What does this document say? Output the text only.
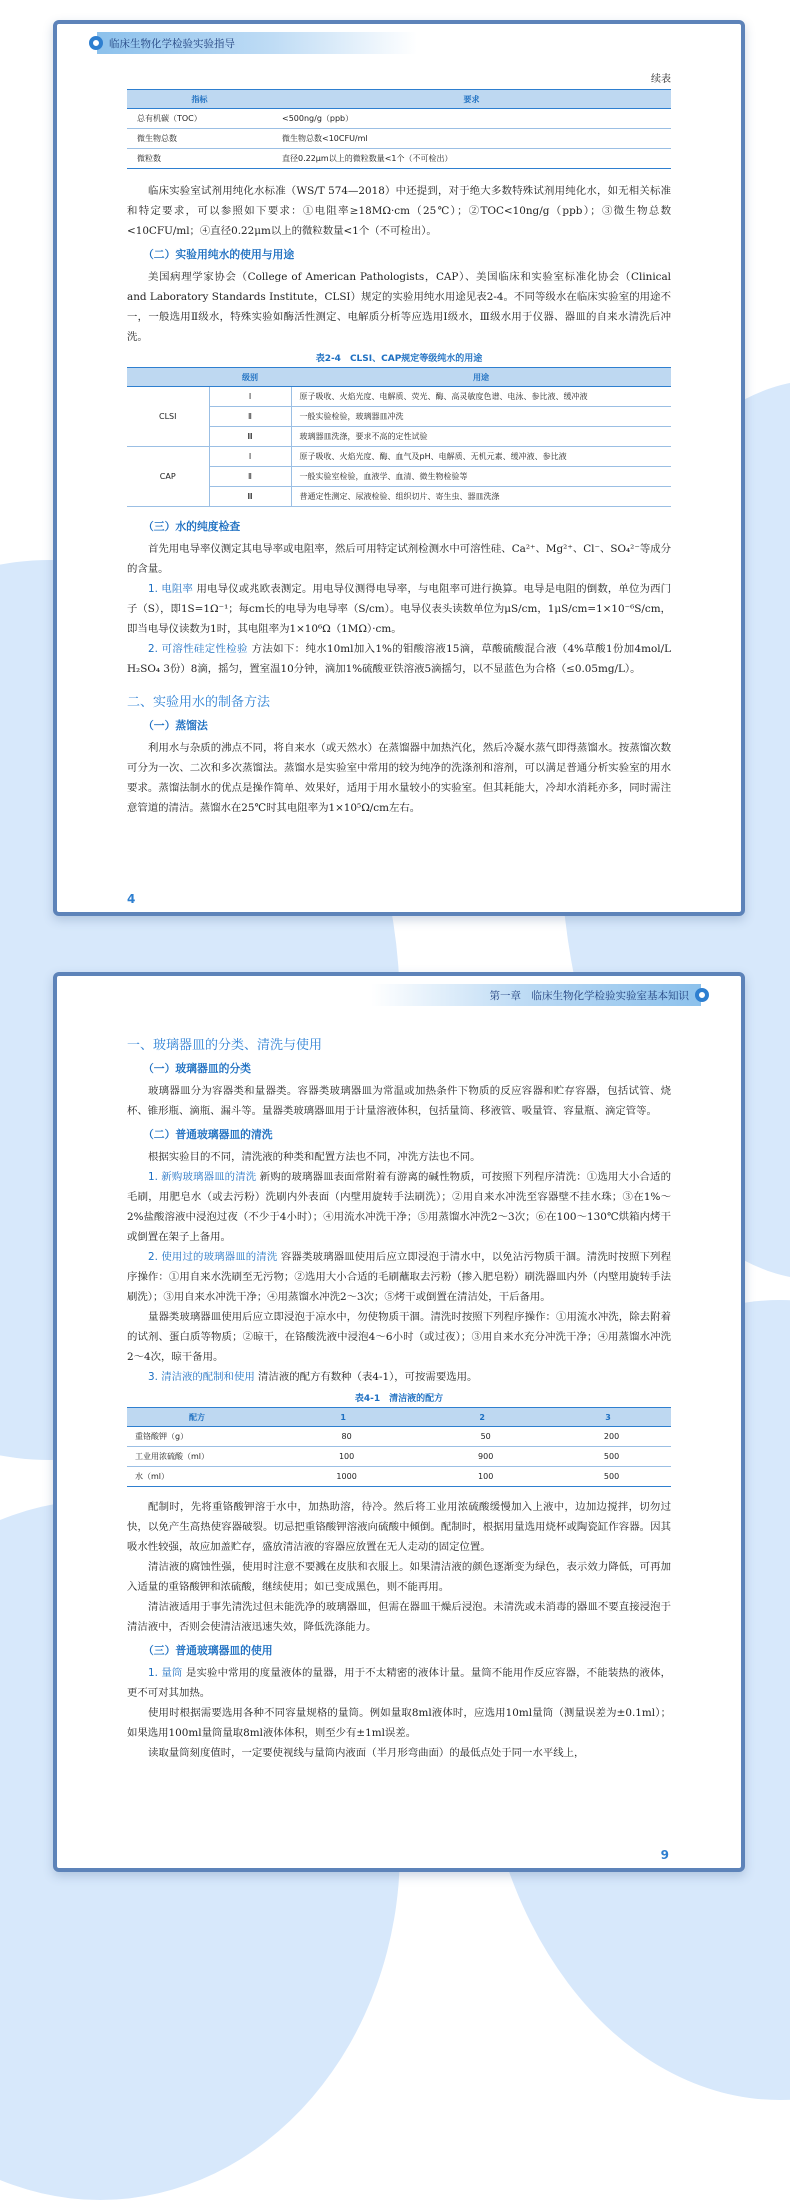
临床生物化学检验实验指导
续表
指标	要求
总有机碳（TOC）	<500ng/g（ppb）
微生物总数	微生物总数<10CFU/ml
微粒数	直径0.22μm以上的微粒数量<1个（不可检出）

临床实验室试剂用纯化水标准（WS/T 574—2018）中还提到，对于绝大多数特殊试剂用纯化水，如无相关标准和特定要求，可以参照如下要求：①电阻率≥18MΩ·cm（25℃）；②TOC<10ng/g（ppb）；③微生物总数<10CFU/ml；④直径0.22μm以上的微粒数量<1个（不可检出）。

（二）实验用纯水的使用与用途

美国病理学家协会（College of American Pathologists，CAP）、美国临床和实验室标准化协会（Clinical and Laboratory Standards Institute，CLSI）规定的实验用纯水用途见表2-4。不同等级水在临床实验室的用途不一，一般选用Ⅱ级水，特殊实验如酶活性测定、电解质分析等应选用Ⅰ级水，Ⅲ级水用于仪器、器皿的自来水清洗后冲洗。

表2-4　CLSI、CAP规定等级纯水的用途
	级别	用途
CLSI	Ⅰ	原子吸收、火焰光度、电解质、荧光、酶、高灵敏度色谱、电泳、参比液、缓冲液
	Ⅱ	一般实验检验，玻璃器皿冲洗
	Ⅲ	玻璃器皿洗涤，要求不高的定性试验
CAP	Ⅰ	原子吸收、火焰光度、酶、血气及pH、电解质、无机元素、缓冲液、参比液
	Ⅱ	一般实验室检验，血液学、血清、微生物检验等
	Ⅲ	普通定性测定、尿液检验、组织切片、寄生虫、器皿洗涤
（三）水的纯度检查

首先用电导率仪测定其电导率或电阻率，然后可用特定试剂检测水中可溶性硅、Ca²⁺、Mg²⁺、Cl⁻、SO₄²⁻等成分的含量。

1. 电阻率 用电导仪或兆欧表测定。用电导仪测得电导率，与电阻率可进行换算。电导是电阻的倒数，单位为西门子（S），即1S=1Ω⁻¹；每cm长的电导为电导率（S/cm）。电导仪表头读数单位为μS/cm，1μS/cm=1×10⁻⁶S/cm，即当电导仪读数为1时，其电阻率为1×10⁶Ω（1MΩ）·cm。

2. 可溶性硅定性检验 方法如下：纯水10ml加入1%的钼酸溶液15滴，草酸硫酸混合液（4%草酸1份加4mol/L H₂SO₄ 3份）8滴，摇匀，置室温10分钟，滴加1%硫酸亚铁溶液5滴摇匀，以不显蓝色为合格（≤0.05mg/L）。

二、实验用水的制备方法
（一）蒸馏法

利用水与杂质的沸点不同，将自来水（或天然水）在蒸馏器中加热汽化，然后冷凝水蒸气即得蒸馏水。按蒸馏次数可分为一次、二次和多次蒸馏法。蒸馏水是实验室中常用的较为纯净的洗涤剂和溶剂，可以满足普通分析实验室的用水要求。蒸馏法制水的优点是操作简单、效果好，适用于用水量较小的实验室。但其耗能大，冷却水消耗亦多，同时需注意管道的清洁。蒸馏水在25℃时其电阻率为1×10⁵Ω/cm左右。

4
第一章　临床生物化学检验实验室基本知识
一、玻璃器皿的分类、清洗与使用
（一）玻璃器皿的分类

玻璃器皿分为容器类和量器类。容器类玻璃器皿为常温或加热条件下物质的反应容器和贮存容器，包括试管、烧杯、锥形瓶、滴瓶、漏斗等。量器类玻璃器皿用于计量溶液体积，包括量筒、移液管、吸量管、容量瓶、滴定管等。

（二）普通玻璃器皿的清洗

根据实验目的不同，清洗液的种类和配置方法也不同，冲洗方法也不同。

1. 新购玻璃器皿的清洗 新购的玻璃器皿表面常附着有游离的碱性物质，可按照下列程序清洗：①选用大小合适的毛刷，用肥皂水（或去污粉）洗刷内外表面（内壁用旋转手法刷洗）；②用自来水冲洗至容器壁不挂水珠；③在1%～2%盐酸溶液中浸泡过夜（不少于4小时）；④用流水冲洗干净；⑤用蒸馏水冲洗2～3次；⑥在100～130℃烘箱内烤干或倒置在架子上备用。

2. 使用过的玻璃器皿的清洗 容器类玻璃器皿使用后应立即浸泡于清水中，以免沾污物质干涸。清洗时按照下列程序操作：①用自来水洗刷至无污物；②选用大小合适的毛刷蘸取去污粉（掺入肥皂粉）刷洗器皿内外（内壁用旋转手法刷洗）；③用自来水冲洗干净；④用蒸馏水冲洗2～3次；⑤烤干或倒置在清洁处，干后备用。

量器类玻璃器皿使用后应立即浸泡于凉水中，勿使物质干涸。清洗时按照下列程序操作：①用流水冲洗，除去附着的试剂、蛋白质等物质；②晾干，在铬酸洗液中浸泡4～6小时（或过夜）；③用自来水充分冲洗干净；④用蒸馏水冲洗2～4次，晾干备用。

3. 清洁液的配制和使用 清洁液的配方有数种（表4-1），可按需要选用。

表4-1　清洁液的配方
配方	1	2	3
重铬酸钾（g）	80	50	200
工业用浓硫酸（ml）	100	900	500
水（ml）	1000	100	500

配制时，先将重铬酸钾溶于水中，加热助溶，待冷。然后将工业用浓硫酸缓慢加入上液中，边加边搅拌，切勿过快，以免产生高热使容器破裂。切忌把重铬酸钾溶液向硫酸中倾倒。配制时，根据用量选用烧杯或陶瓷缸作容器。因其吸水性较强，故应加盖贮存，盛放清洁液的容器应放置在无人走动的固定位置。

清洁液的腐蚀性强，使用时注意不要溅在皮肤和衣服上。如果清洁液的颜色逐渐变为绿色，表示效力降低，可再加入适量的重铬酸钾和浓硫酸，继续使用；如已变成黑色，则不能再用。

清洁液适用于事先清洗过但未能洗净的玻璃器皿，但需在器皿干燥后浸泡。未清洗或未消毒的器皿不要直接浸泡于清洁液中，否则会使清洁液迅速失效，降低洗涤能力。

（三）普通玻璃器皿的使用

1. 量筒 是实验中常用的度量液体的量器，用于不太精密的液体计量。量筒不能用作反应容器，不能装热的液体，更不可对其加热。

使用时根据需要选用各种不同容量规格的量筒。例如量取8ml液体时，应选用10ml量筒（测量误差为±0.1ml）；如果选用100ml量筒量取8ml液体体积，则至少有±1ml误差。

读取量筒刻度值时，一定要使视线与量筒内液面（半月形弯曲面）的最低点处于同一水平线上，

9
